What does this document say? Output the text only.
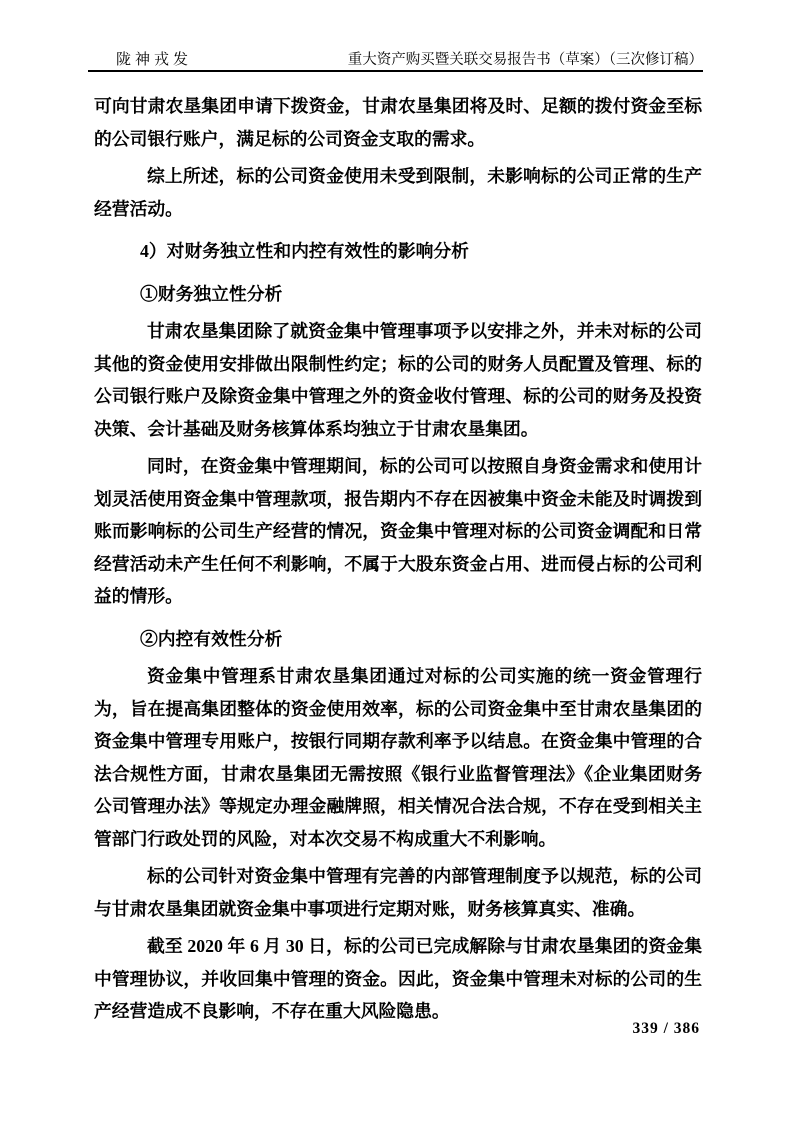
陇神戎发	重大资产购买暨关联交易报告书（草案）（三次修订稿）
可向甘肃农垦集团申请下拨资金，甘肃农垦集团将及时、足额的拨付资金至标的公司银行账户，满足标的公司资金支取的需求。
综上所述，标的公司资金使用未受到限制，未影响标的公司正常的生产经营活动。
4）对财务独立性和内控有效性的影响分析
①财务独立性分析
甘肃农垦集团除了就资金集中管理事项予以安排之外，并未对标的公司其他的资金使用安排做出限制性约定；标的公司的财务人员配置及管理、标的公司银行账户及除资金集中管理之外的资金收付管理、标的公司的财务及投资决策、会计基础及财务核算体系均独立于甘肃农垦集团。
同时，在资金集中管理期间，标的公司可以按照自身资金需求和使用计划灵活使用资金集中管理款项，报告期内不存在因被集中资金未能及时调拨到账而影响标的公司生产经营的情况，资金集中管理对标的公司资金调配和日常经营活动未产生任何不利影响，不属于大股东资金占用、进而侵占标的公司利益的情形。
②内控有效性分析
资金集中管理系甘肃农垦集团通过对标的公司实施的统一资金管理行为，旨在提高集团整体的资金使用效率，标的公司资金集中至甘肃农垦集团的资金集中管理专用账户，按银行同期存款利率予以结息。在资金集中管理的合法合规性方面，甘肃农垦集团无需按照《银行业监督管理法》《企业集团财务公司管理办法》等规定办理金融牌照，相关情况合法合规，不存在受到相关主管部门行政处罚的风险，对本次交易不构成重大不利影响。
标的公司针对资金集中管理有完善的内部管理制度予以规范，标的公司与甘肃农垦集团就资金集中事项进行定期对账，财务核算真实、准确。
截至 2020 年 6 月 30 日，标的公司已完成解除与甘肃农垦集团的资金集中管理协议，并收回集中管理的资金。因此，资金集中管理未对标的公司的生产经营造成不良影响，不存在重大风险隐患。
339 / 386
